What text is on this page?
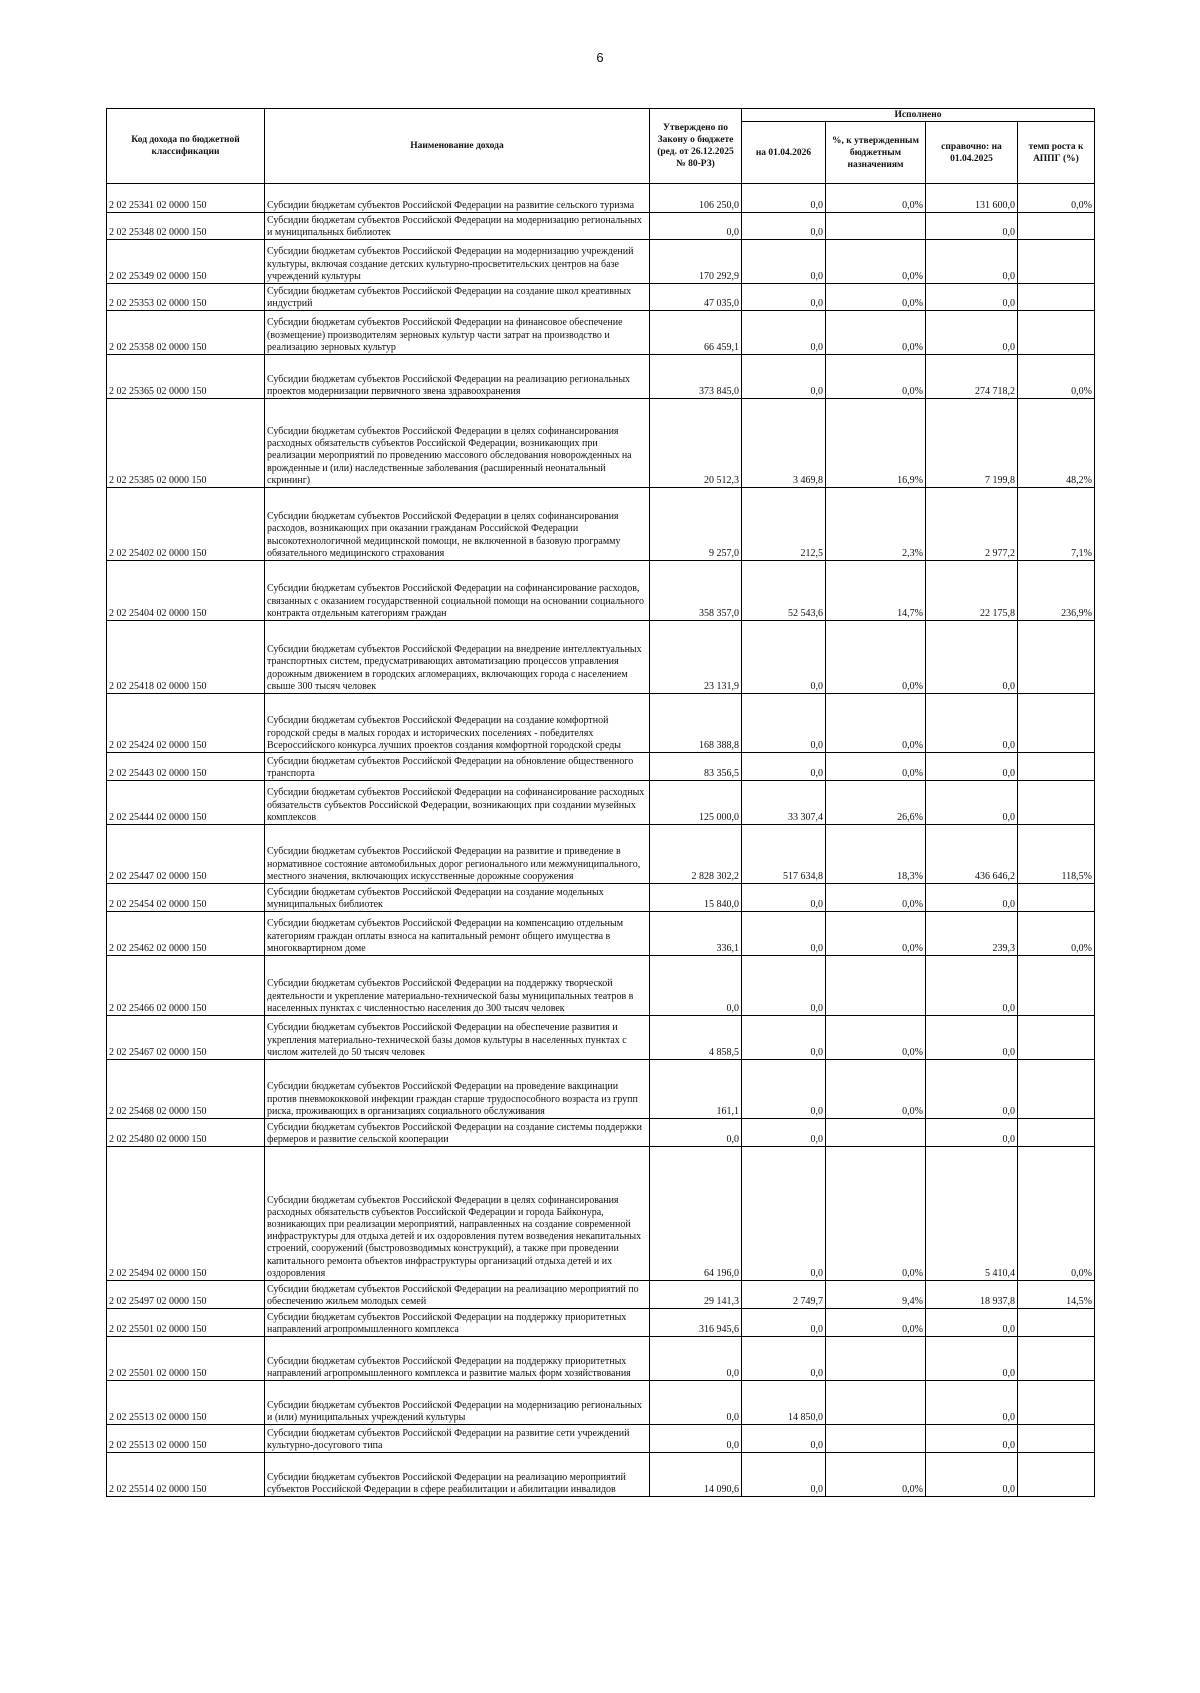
6
Код дохода по бюджетной классификации	Наименование дохода	Утверждено по Закону о бюджете (ред. от 26.12.2025 № 80-РЗ)	Исполнено			
			на 01.04.2026	%, к утвержденным бюджетным назначениям	справочно: на 01.04.2025	темп роста к АППГ (%)
2 02 25341 02 0000 150	Субсидии бюджетам субъектов Российской Федерации на развитие сельского туризма	106 250,0	0,0	0,0%	131 600,0	0,0%
2 02 25348 02 0000 150	Субсидии бюджетам субъектов Российской Федерации на модернизацию региональных и муниципальных библиотек	0,0	0,0		0,0	
2 02 25349 02 0000 150	Субсидии бюджетам субъектов Российской Федерации на модернизацию учреждений культуры, включая создание детских культурно-просветительских центров на базе учреждений культуры	170 292,9	0,0	0,0%	0,0	
2 02 25353 02 0000 150	Субсидии бюджетам субъектов Российской Федерации на создание школ креативных индустрий	47 035,0	0,0	0,0%	0,0	
2 02 25358 02 0000 150	Субсидии бюджетам субъектов Российской Федерации на финансовое обеспечение (возмещение) производителям зерновых культур части затрат на производство и реализацию зерновых культур	66 459,1	0,0	0,0%	0,0	
2 02 25365 02 0000 150	Субсидии бюджетам субъектов Российской Федерации на реализацию региональных проектов модернизации первичного звена здравоохранения	373 845,0	0,0	0,0%	274 718,2	0,0%
2 02 25385 02 0000 150	Субсидии бюджетам субъектов Российской Федерации в целях софинансирования расходных обязательств субъектов Российской Федерации, возникающих при реализации мероприятий по проведению массового обследования новорожденных на врожденные и (или) наследственные заболевания (расширенный неонатальный скрининг)	20 512,3	3 469,8	16,9%	7 199,8	48,2%
2 02 25402 02 0000 150	Субсидии бюджетам субъектов Российской Федерации в целях софинансирования расходов, возникающих при оказании гражданам Российской Федерации высокотехнологичной медицинской помощи, не включенной в базовую программу обязательного медицинского страхования	9 257,0	212,5	2,3%	2 977,2	7,1%
2 02 25404 02 0000 150	Субсидии бюджетам субъектов Российской Федерации на софинансирование расходов, связанных с оказанием государственной социальной помощи на основании социального контракта отдельным категориям граждан	358 357,0	52 543,6	14,7%	22 175,8	236,9%
2 02 25418 02 0000 150	Субсидии бюджетам субъектов Российской Федерации на внедрение интеллектуальных транспортных систем, предусматривающих автоматизацию процессов управления дорожным движением в городских агломерациях, включающих города с населением свыше 300 тысяч человек	23 131,9	0,0	0,0%	0,0	
2 02 25424 02 0000 150	Субсидии бюджетам субъектов Российской Федерации на создание комфортной городской среды в малых городах и исторических поселениях - победителях Всероссийского конкурса лучших проектов создания комфортной городской среды	168 388,8	0,0	0,0%	0,0	
2 02 25443 02 0000 150	Субсидии бюджетам субъектов Российской Федерации на обновление общественного транспорта	83 356,5	0,0	0,0%	0,0	
2 02 25444 02 0000 150	Субсидии бюджетам субъектов Российской Федерации на софинансирование расходных обязательств субъектов Российской Федерации, возникающих при создании музейных комплексов	125 000,0	33 307,4	26,6%	0,0	
2 02 25447 02 0000 150	Субсидии бюджетам субъектов Российской Федерации на развитие и приведение в нормативное состояние автомобильных дорог регионального или межмуниципального, местного значения, включающих искусственные дорожные сооружения	2 828 302,2	517 634,8	18,3%	436 646,2	118,5%
2 02 25454 02 0000 150	Субсидии бюджетам субъектов Российской Федерации на создание модельных муниципальных библиотек	15 840,0	0,0	0,0%	0,0	
2 02 25462 02 0000 150	Субсидии бюджетам субъектов Российской Федерации на компенсацию отдельным категориям граждан оплаты взноса на капитальный ремонт общего имущества в многоквартирном доме	336,1	0,0	0,0%	239,3	0,0%
2 02 25466 02 0000 150	Субсидии бюджетам субъектов Российской Федерации на поддержку творческой деятельности и укрепление материально-технической базы муниципальных театров в населенных пунктах с численностью населения до 300 тысяч человек	0,0	0,0		0,0	
2 02 25467 02 0000 150	Субсидии бюджетам субъектов Российской Федерации на обеспечение развития и укрепления материально-технической базы домов культуры в населенных пунктах с числом жителей до 50 тысяч человек	4 858,5	0,0	0,0%	0,0	
2 02 25468 02 0000 150	Субсидии бюджетам субъектов Российской Федерации на проведение вакцинации против пневмококковой инфекции граждан старше трудоспособного возраста из групп риска, проживающих в организациях социального обслуживания	161,1	0,0	0,0%	0,0	
2 02 25480 02 0000 150	Субсидии бюджетам субъектов Российской Федерации на создание системы поддержки фермеров и развитие сельской кооперации	0,0	0,0		0,0	
2 02 25494 02 0000 150	Субсидии бюджетам субъектов Российской Федерации в целях софинансирования расходных обязательств субъектов Российской Федерации и города Байконура, возникающих при реализации мероприятий, направленных на создание современной инфраструктуры для отдыха детей и их оздоровления путем возведения некапитальных строений, сооружений (быстровозводимых конструкций), а также при проведении капитального ремонта объектов инфраструктуры организаций отдыха детей и их оздоровления	64 196,0	0,0	0,0%	5 410,4	0,0%
2 02 25497 02 0000 150	Субсидии бюджетам субъектов Российской Федерации на реализацию мероприятий по обеспечению жильем молодых семей	29 141,3	2 749,7	9,4%	18 937,8	14,5%
2 02 25501 02 0000 150	Субсидии бюджетам субъектов Российской Федерации на поддержку приоритетных направлений агропромышленного комплекса	316 945,6	0,0	0,0%	0,0	
2 02 25501 02 0000 150	Субсидии бюджетам субъектов Российской Федерации на поддержку приоритетных направлений агропромышленного комплекса и развитие малых форм хозяйствования	0,0	0,0		0,0	
2 02 25513 02 0000 150	Субсидии бюджетам субъектов Российской Федерации на модернизацию региональных и (или) муниципальных учреждений культуры	0,0	14 850,0		0,0	
2 02 25513 02 0000 150	Субсидии бюджетам субъектов Российской Федерации на развитие сети учреждений культурно-досугового типа	0,0	0,0		0,0	
2 02 25514 02 0000 150	Субсидии бюджетам субъектов Российской Федерации на реализацию мероприятий субъектов Российской Федерации в сфере реабилитации и абилитации инвалидов	14 090,6	0,0	0,0%	0,0	
